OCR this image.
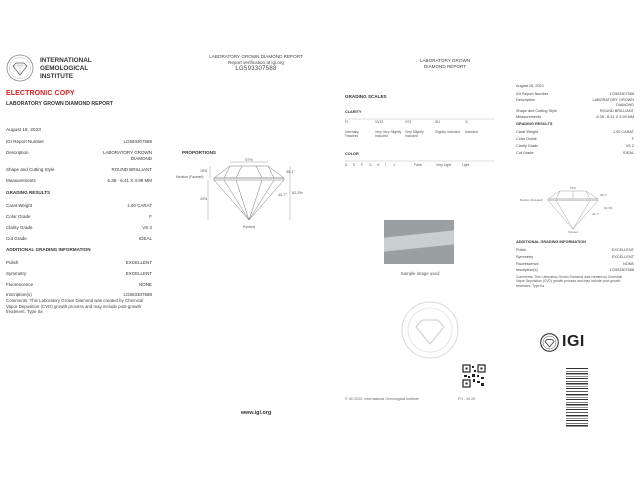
INTERNATIONAL
GEMOLOGICAL
INSTITUTE
ELECTRONIC COPY
LABORATORY GROWN DIAMOND REPORT
August 18, 2023
IGI Report Number	LG593307588
Description	LABORATORY GROWN
DIAMOND
Shape and Cutting Style	ROUND BRILLIANT
Measurements	6.38 - 6.41 X 3.99 MM
GRADING RESULTS
Carat Weight	1.00 CARAT
Color Grade	F
Clarity Grade	VS 2
Cut Grade	IDEAL
ADDITIONAL GRADING INFORMATION
Polish	EXCELLENT
Symmetry	EXCELLENT
Fluorescence	NONE
Inscription(s)	LG593307588
Comments: This Laboratory Grown Diamond was created by Chemical Vapor Deposition (CVD) growth process and may include post-growth treatment. Type IIa
LABORATORY GROWN DIAMOND REPORT
Report verification at igi.org
LG593307588
PROPORTIONS
57%
35.1°
40.7° 62.3%
Medium (Faceted)
15%
43%
Pointed
www.igi.org
LABORATORY GROWN
DIAMOND REPORT
GRADING SCALES
CLARITY
FL	VVS1	VS1	SI1	I1
Internally Flawless
Very Very Slightly Included
Very Slightly Included
Slightly Included	Included
COLOR
D E F G H I J	Faint	Very Light	Light
Sample image used
© IGI 2020, International Gemological Institute	FO - 10.20
August 18, 2023
IGI Report Number	LG593307588
Description	LABORATORY GROWN
DIAMOND
Shape and Cutting Style	ROUND BRILLIANT
Measurements	6.38 - 6.41 X 3.99 MM
GRADING RESULTS
Carat Weight	1.00 CARAT
Color Grade	F
Clarity Grade	VS 2
Cut Grade	IDEAL
57%
35.1°
62.3%
40.7°
Medium (Faceted)
Pointed
ADDITIONAL GRADING INFORMATION
Polish	EXCELLENT
Symmetry	EXCELLENT
Fluorescence	NONE
Inscription(s)	LG593307588
Comments: This Laboratory Grown Diamond was created by Chemical Vapor Deposition (CVD) growth process and may include post-growth treatment. Type IIa
IGI
